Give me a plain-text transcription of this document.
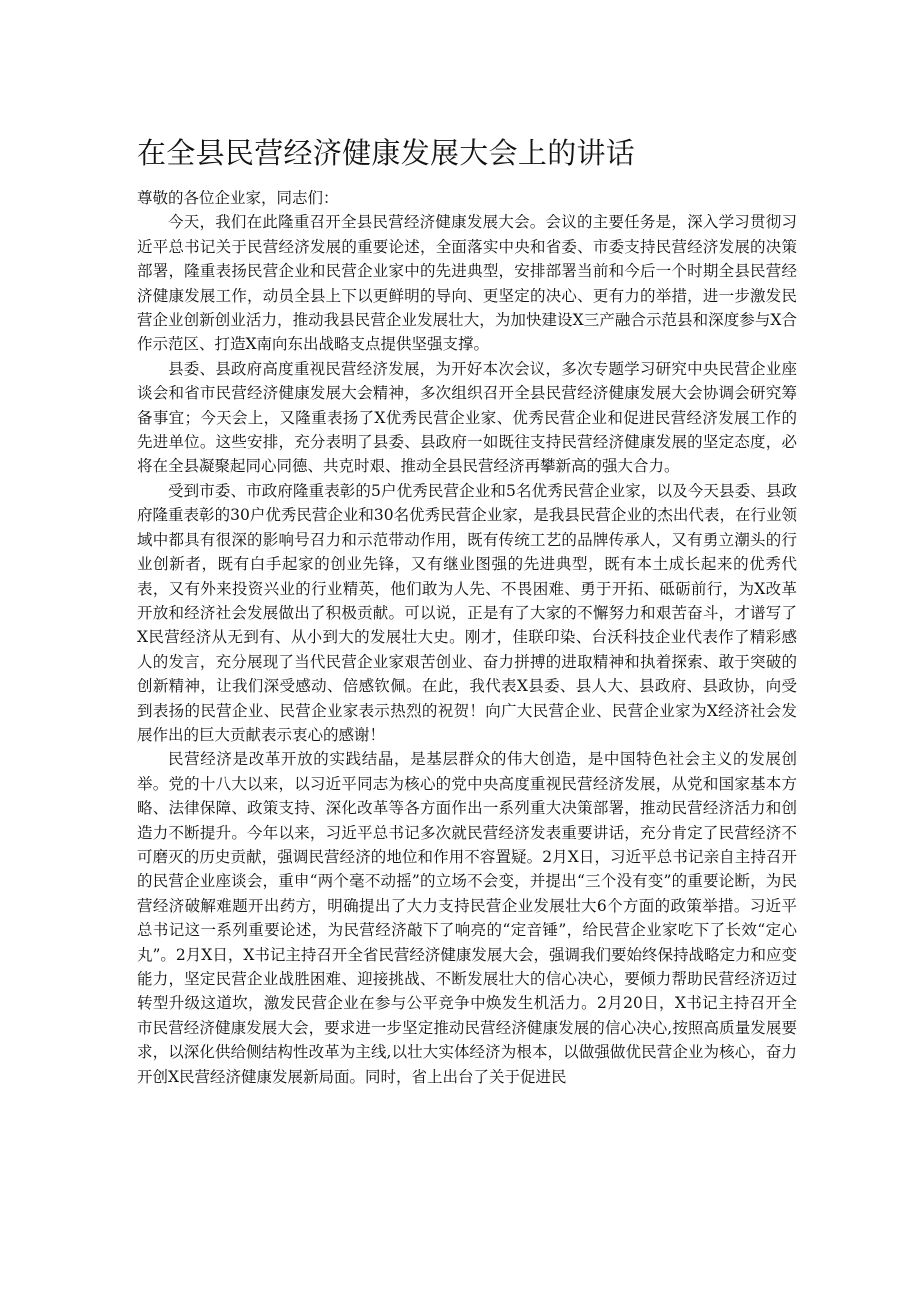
在全县民营经济健康发展大会上的讲话

尊敬的各位企业家，同志们：

今天，我们在此隆重召开全县民营经济健康发展大会。会议的主要任务是，深入学习贯彻习近平总书记关于民营经济发展的重要论述，全面落实中央和省委、市委支持民营经济发展的决策部署，隆重表扬民营企业和民营企业家中的先进典型，安排部署当前和今后一个时期全县民营经济健康发展工作，动员全县上下以更鲜明的导向、更坚定的决心、更有力的举措，进一步激发民营企业创新创业活力，推动我县民营企业发展壮大，为加快建设X三产融合示范县和深度参与X合作示范区、打造X南向东出战略支点提供坚强支撑。

县委、县政府高度重视民营经济发展，为开好本次会议，多次专题学习研究中央民营企业座谈会和省市民营经济健康发展大会精神，多次组织召开全县民营经济健康发展大会协调会研究筹备事宜；今天会上，又隆重表扬了X优秀民营企业家、优秀民营企业和促进民营经济发展工作的先进单位。这些安排，充分表明了县委、县政府一如既往支持民营经济健康发展的坚定态度，必将在全县凝聚起同心同德、共克时艰、推动全县民营经济再攀新高的强大合力。

受到市委、市政府隆重表彰的5户优秀民营企业和5名优秀民营企业家，以及今天县委、县政府隆重表彰的30户优秀民营企业和30名优秀民营企业家，是我县民营企业的杰出代表，在行业领域中都具有很深的影响号召力和示范带动作用，既有传统工艺的品牌传承人，又有勇立潮头的行业创新者，既有白手起家的创业先锋，又有继业图强的先进典型，既有本土成长起来的优秀代表，又有外来投资兴业的行业精英，他们敢为人先、不畏困难、勇于开拓、砥砺前行，为X改革开放和经济社会发展做出了积极贡献。可以说，正是有了大家的不懈努力和艰苦奋斗，才谱写了X民营经济从无到有、从小到大的发展壮大史。刚才，佳联印染、台沃科技企业代表作了精彩感人的发言，充分展现了当代民营企业家艰苦创业、奋力拼搏的进取精神和执着探索、敢于突破的创新精神，让我们深受感动、倍感钦佩。在此，我代表X县委、县人大、县政府、县政协，向受到表扬的民营企业、民营企业家表示热烈的祝贺！向广大民营企业、民营企业家为X经济社会发展作出的巨大贡献表示衷心的感谢！

民营经济是改革开放的实践结晶，是基层群众的伟大创造，是中国特色社会主义的发展创举。党的十八大以来，以习近平同志为核心的党中央高度重视民营经济发展，从党和国家基本方略、法律保障、政策支持、深化改革等各方面作出一系列重大决策部署，推动民营经济活力和创造力不断提升。今年以来，习近平总书记多次就民营经济发表重要讲话，充分肯定了民营经济不可磨灭的历史贡献，强调民营经济的地位和作用不容置疑。2月X日，习近平总书记亲自主持召开的民营企业座谈会，重申“两个毫不动摇”的立场不会变，并提出“三个没有变”的重要论断，为民营经济破解难题开出药方，明确提出了大力支持民营企业发展壮大6个方面的政策举措。习近平总书记这一系列重要论述，为民营经济敲下了响亮的“定音锤”，给民营企业家吃下了长效“定心丸”。2月X日，X书记主持召开全省民营经济健康发展大会，强调我们要始终保持战略定力和应变能力，坚定民营企业战胜困难、迎接挑战、不断发展壮大的信心决心，要倾力帮助民营经济迈过转型升级这道坎，激发民营企业在参与公平竞争中焕发生机活力。2月20日，X书记主持召开全市民营经济健康发展大会，要求进一步坚定推动民营经济健康发展的信心决心,按照高质量发展要求，以深化供给侧结构性改革为主线,以壮大实体经济为根本，以做强做优民营企业为核心，奋力开创X民营经济健康发展新局面。同时，省上出台了关于促进民
